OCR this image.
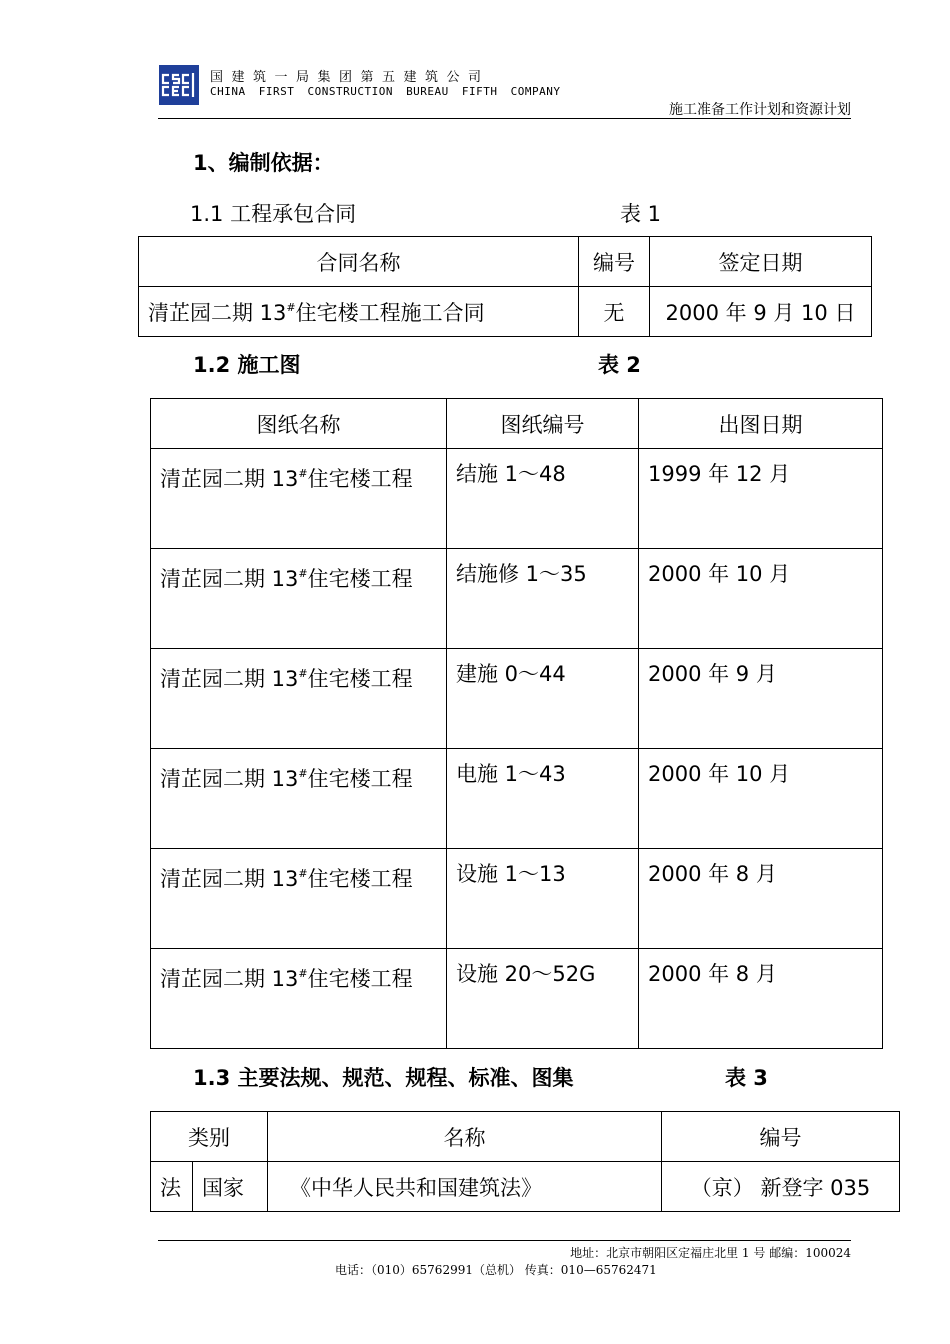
国建筑一局集团第五建筑公司
CHINA FIRST CONSTRUCTION BUREAU FIFTH COMPANY
施工准备工作计划和资源计划
1、编制依据：
1.1 工程承包合同	表 1
合同名称	编号	签定日期
清芷园二期 13#住宅楼工程施工合同	无	2000 年 9 月 10 日
1.2 施工图	表 2
图纸名称	图纸编号	出图日期
清芷园二期 13#住宅楼工程	结施 1～48	1999 年 12 月
清芷园二期 13#住宅楼工程	结施修 1～35	2000 年 10 月
清芷园二期 13#住宅楼工程	建施 0～44	2000 年 9 月
清芷园二期 13#住宅楼工程	电施 1～43	2000 年 10 月
清芷园二期 13#住宅楼工程	设施 1～13	2000 年 8 月
清芷园二期 13#住宅楼工程	设施 20～52G	2000 年 8 月
1.3 主要法规、规范、规程、标准、图集	表 3
类别		名称	编号
法	国家	《中华人民共和国建筑法》	（京） 新登字 035
地址：北京市朝阳区定福庄北里 1 号 邮编：100024
电话：（010）65762991（总机） 传真：010—65762471
